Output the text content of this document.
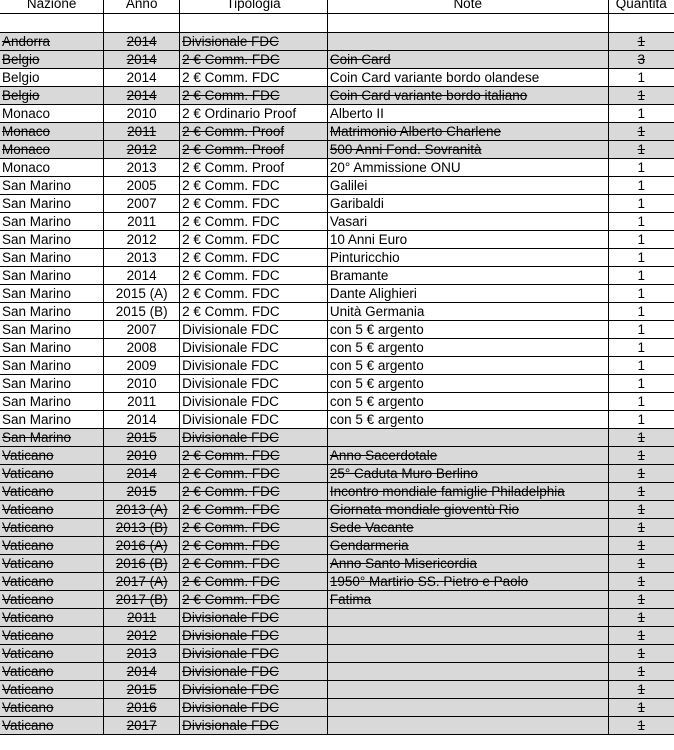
Nazione	Anno	Tipologia	Note	Quantità

Andorra	2014	Divisionale FDC		1
Belgio	2014	2 € Comm. FDC	Coin Card	3
Belgio	2014	2 € Comm. FDC	Coin Card variante bordo olandese	1
Belgio	2014	2 € Comm. FDC	Coin Card variante bordo italiano	1
Monaco	2010	2 € Ordinario Proof	Alberto II	1
Monaco	2011	2 € Comm. Proof	Matrimonio Alberto Charlene	1
Monaco	2012	2 € Comm. Proof	500 Anni Fond. Sovranità	1
Monaco	2013	2 € Comm. Proof	20° Ammissione ONU	1
San Marino	2005	2 € Comm. FDC	Galilei	1
San Marino	2007	2 € Comm. FDC	Garibaldi	1
San Marino	2011	2 € Comm. FDC	Vasari	1
San Marino	2012	2 € Comm. FDC	10 Anni Euro	1
San Marino	2013	2 € Comm. FDC	Pinturicchio	1
San Marino	2014	2 € Comm. FDC	Bramante	1
San Marino	2015 (A)	2 € Comm. FDC	Dante Alighieri	1
San Marino	2015 (B)	2 € Comm. FDC	Unità Germania	1
San Marino	2007	Divisionale FDC	con 5 € argento	1
San Marino	2008	Divisionale FDC	con 5 € argento	1
San Marino	2009	Divisionale FDC	con 5 € argento	1
San Marino	2010	Divisionale FDC	con 5 € argento	1
San Marino	2011	Divisionale FDC	con 5 € argento	1
San Marino	2014	Divisionale FDC	con 5 € argento	1
San Marino	2015	Divisionale FDC		1
Vaticano	2010	2 € Comm. FDC	Anno Sacerdotale	1
Vaticano	2014	2 € Comm. FDC	25° Caduta Muro Berlino	1
Vaticano	2015	2 € Comm. FDC	Incontro mondiale famiglie Philadelphia	1
Vaticano	2013 (A)	2 € Comm. FDC	Giornata mondiale gioventù Rio	1
Vaticano	2013 (B)	2 € Comm. FDC	Sede Vacante	1
Vaticano	2016 (A)	2 € Comm. FDC	Gendarmeria	1
Vaticano	2016 (B)	2 € Comm. FDC	Anno Santo Misericordia	1
Vaticano	2017 (A)	2 € Comm. FDC	1950° Martirio SS. Pietro e Paolo	1
Vaticano	2017 (B)	2 € Comm. FDC	Fatima	1
Vaticano	2011	Divisionale FDC		1
Vaticano	2012	Divisionale FDC		1
Vaticano	2013	Divisionale FDC		1
Vaticano	2014	Divisionale FDC		1
Vaticano	2015	Divisionale FDC		1
Vaticano	2016	Divisionale FDC		1
Vaticano	2017	Divisionale FDC		1
